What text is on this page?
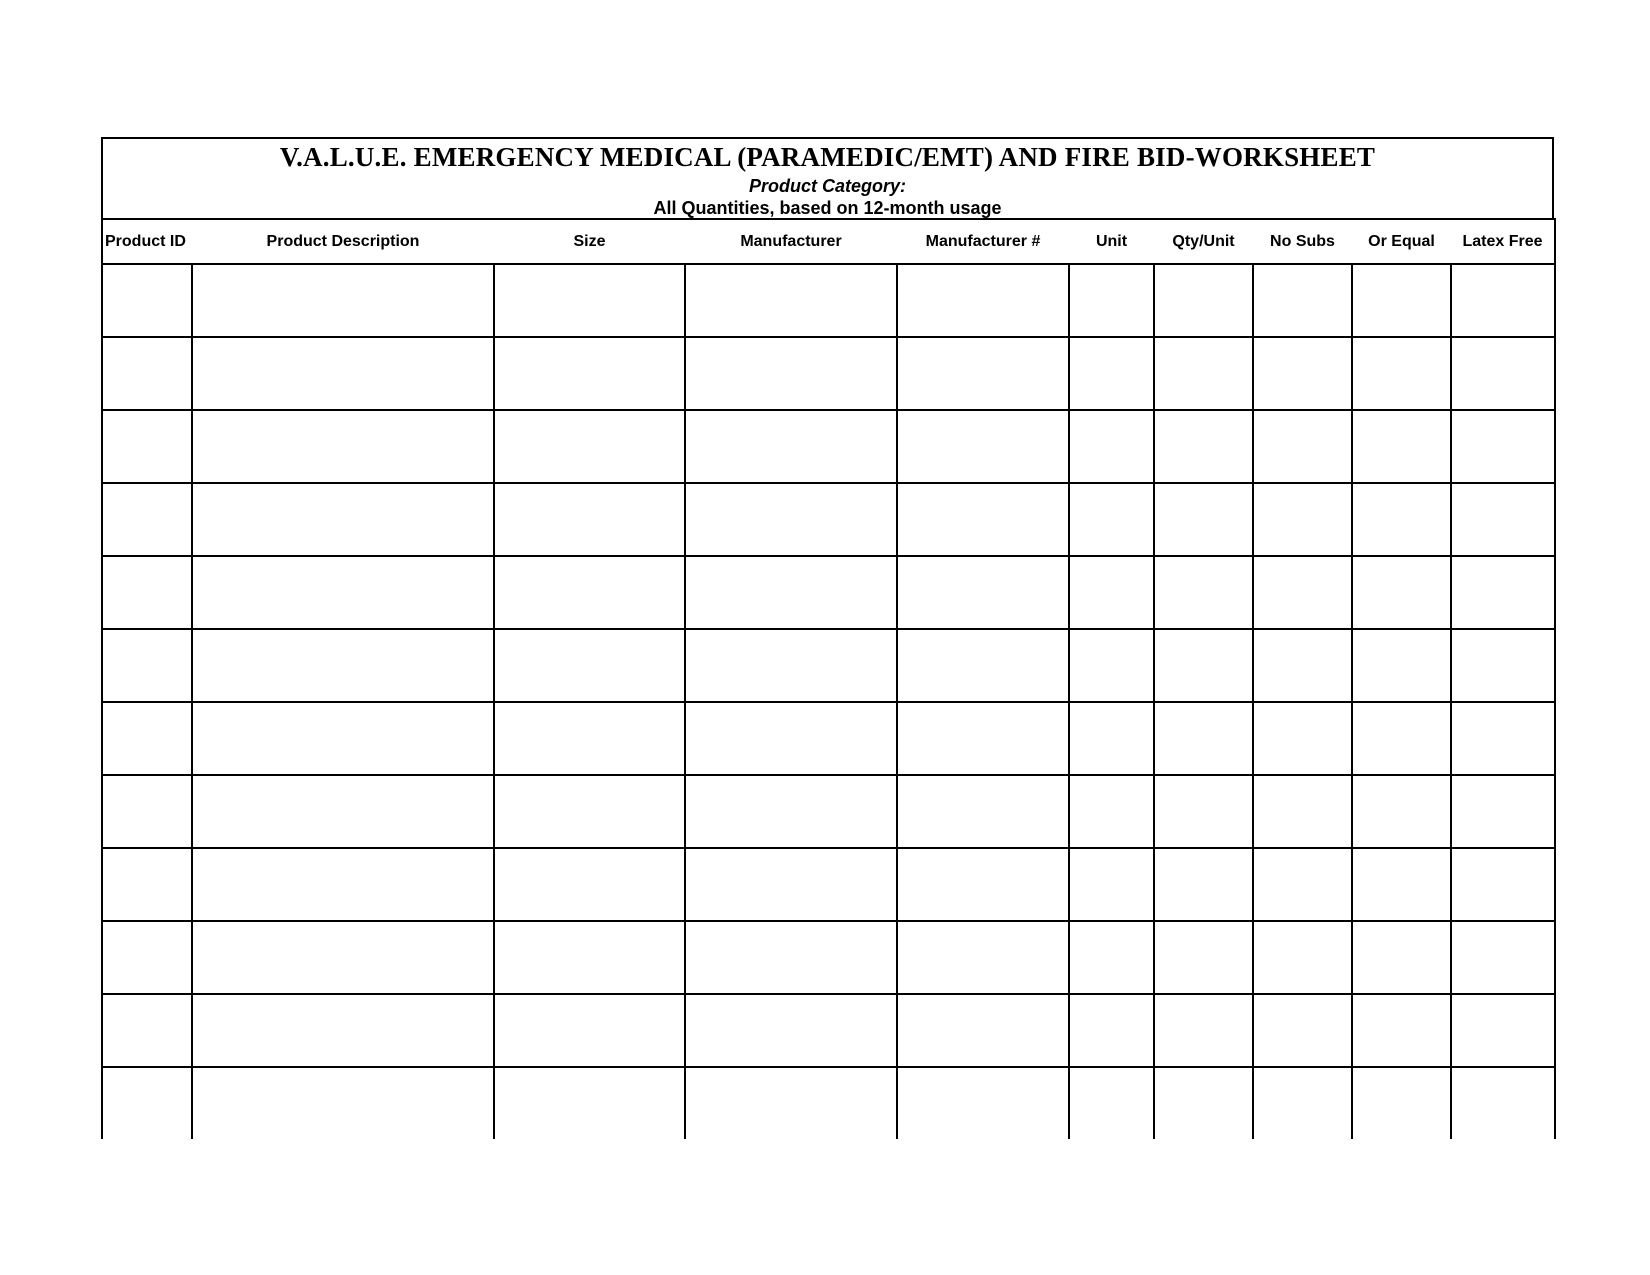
V.A.L.U.E. EMERGENCY MEDICAL (PARAMEDIC/EMT) AND FIRE BID-WORKSHEET
Product Category:
All Quantities, based on 12-month usage
Product ID	Product Description	Size	Manufacturer	Manufacturer #	Unit	Qty/Unit	No Subs	Or Equal	Latex Free
